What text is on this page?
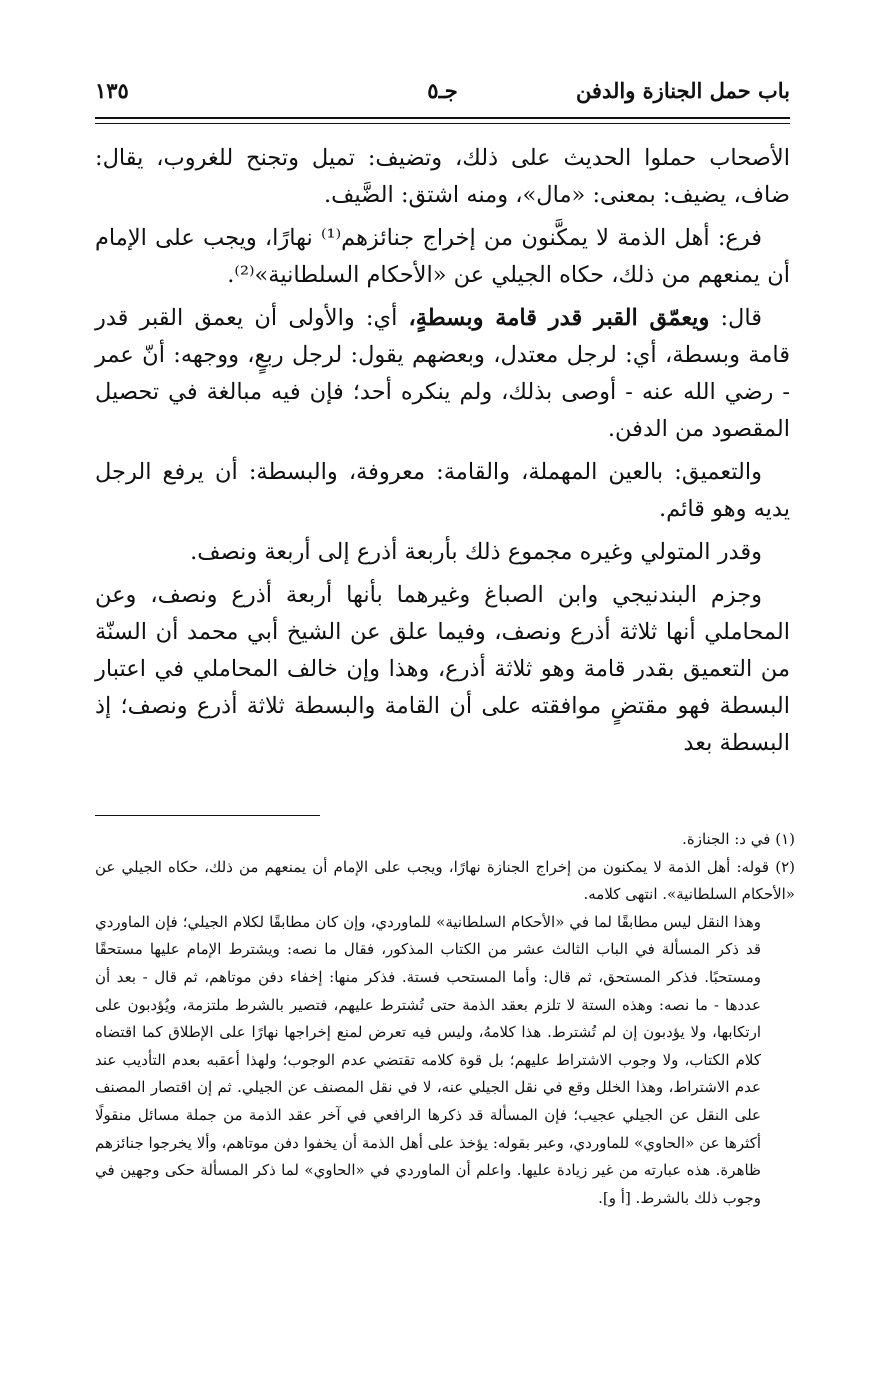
باب حمل الجنازة والدفن
جـ٥
١٣٥

الأصحاب حملوا الحديث على ذلك، وتضيف: تميل وتجنح للغروب، يقال: ضاف، يضيف: بمعنى: «مال»، ومنه اشتق: الضَّيف.

فرع: أهل الذمة لا يمكَّنون من إخراج جنائزهم⁽¹⁾ نهارًا، ويجب على الإمام أن يمنعهم من ذلك، حكاه الجيلي عن «الأحكام السلطانية»⁽²⁾.

قال: ويعمّق القبر قدر قامة وبسطةٍ، أي: والأولى أن يعمق القبر قدر قامة وبسطة، أي: لرجل معتدل، وبعضهم يقول: لرجل ربعٍ، ووجهه: أنّ عمر - رضي الله عنه - أوصى بذلك، ولم ينكره أحد؛ فإن فيه مبالغة في تحصيل المقصود من الدفن.

والتعميق: بالعين المهملة، والقامة: معروفة، والبسطة: أن يرفع الرجل يديه وهو قائم.

وقدر المتولي وغيره مجموع ذلك بأربعة أذرع إلى أربعة ونصف.

وجزم البندنيجي وابن الصباغ وغيرهما بأنها أربعة أذرع ونصف، وعن المحاملي أنها ثلاثة أذرع ونصف، وفيما علق عن الشيخ أبي محمد أن السنّة من التعميق بقدر قامة وهو ثلاثة أذرع، وهذا وإن خالف المحاملي في اعتبار البسطة فهو مقتضٍ موافقته على أن القامة والبسطة ثلاثة أذرع ونصف؛ إذ البسطة بعد

(١) في د: الجنازة.

(٢) قوله: أهل الذمة لا يمكنون من إخراج الجنازة نهارًا، ويجب على الإمام أن يمنعهم من ذلك، حكاه الجيلي عن «الأحكام السلطانية». انتهى كلامه.

وهذا النقل ليس مطابقًا لما في «الأحكام السلطانية» للماوردي، وإن كان مطابقًا لكلام الجيلي؛ فإن الماوردي قد ذكر المسألة في الباب الثالث عشر من الكتاب المذكور، فقال ما نصه: ويشترط الإمام عليها مستحقًا ومستحبًا. فذكر المستحق، ثم قال: وأما المستحب فستة. فذكر منها: إخفاء دفن موتاهم، ثم قال - بعد أن عددها - ما نصه: وهذه الستة لا تلزم بعقد الذمة حتى تُشترط عليهم، فتصير بالشرط ملتزمة، ويُؤدبون على ارتكابها، ولا يؤدبون إن لم تُشترط. هذا كلامهُ، وليس فيه تعرض لمنع إخراجها نهارًا على الإطلاق كما اقتضاه كلام الكتاب، ولا وجوب الاشتراط عليهم؛ بل قوة كلامه تقتضي عدم الوجوب؛ ولهذا أعقبه بعدم التأديب عند عدم الاشتراط، وهذا الخلل وقع في نقل الجيلي عنه، لا في نقل المصنف عن الجيلي. ثم إن اقتصار المصنف على النقل عن الجيلي عجيب؛ فإن المسألة قد ذكرها الرافعي في آخر عقد الذمة من جملة مسائل منقولًا أكثرها عن «الحاوي» للماوردي، وعبر بقوله: يؤخذ على أهل الذمة أن يخفوا دفن موتاهم، وألا يخرجوا جنائزهم ظاهرة. هذه عبارته من غير زيادة عليها. واعلم أن الماوردي في «الحاوي» لما ذكر المسألة حكى وجهين في وجوب ذلك بالشرط. [أ و].
